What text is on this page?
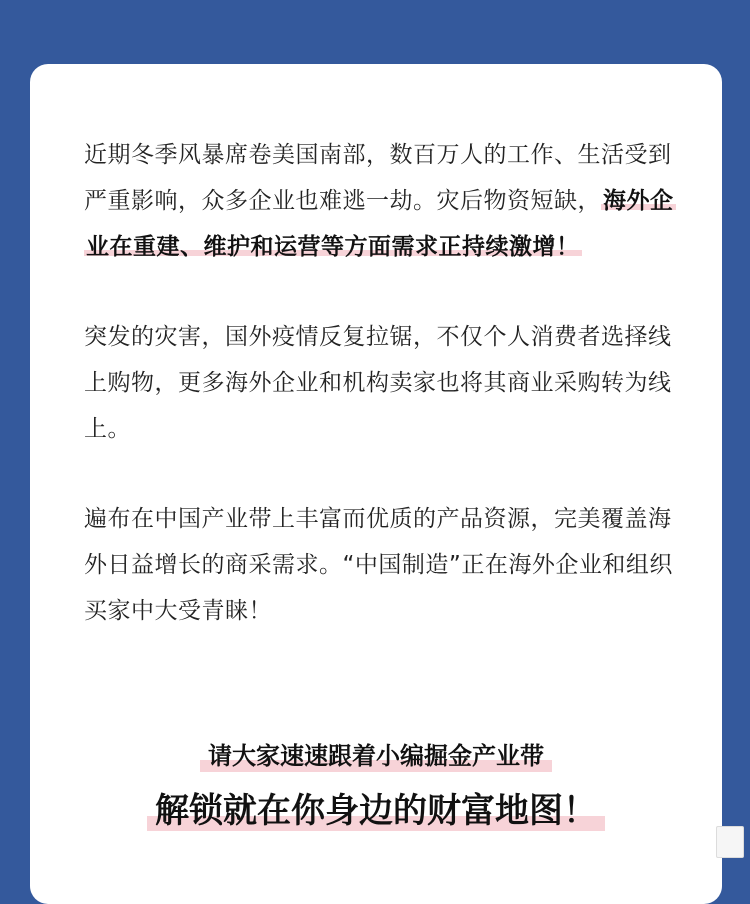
近期冬季风暴席卷美国南部，数百万人的工作、生活受到严重影响，众多企业也难逃一劫。灾后物资短缺，海外企业在重建、维护和运营等方面需求正持续激增！

突发的灾害，国外疫情反复拉锯，不仅个人消费者选择线上购物，更多海外企业和机构卖家也将其商业采购转为线上。

遍布在中国产业带上丰富而优质的产品资源，完美覆盖海外日益增长的商采需求。“中国制造”正在海外企业和组织买家中大受青睐！

请大家速速跟着小编掘金产业带
解锁就在你身边的财富地图！
